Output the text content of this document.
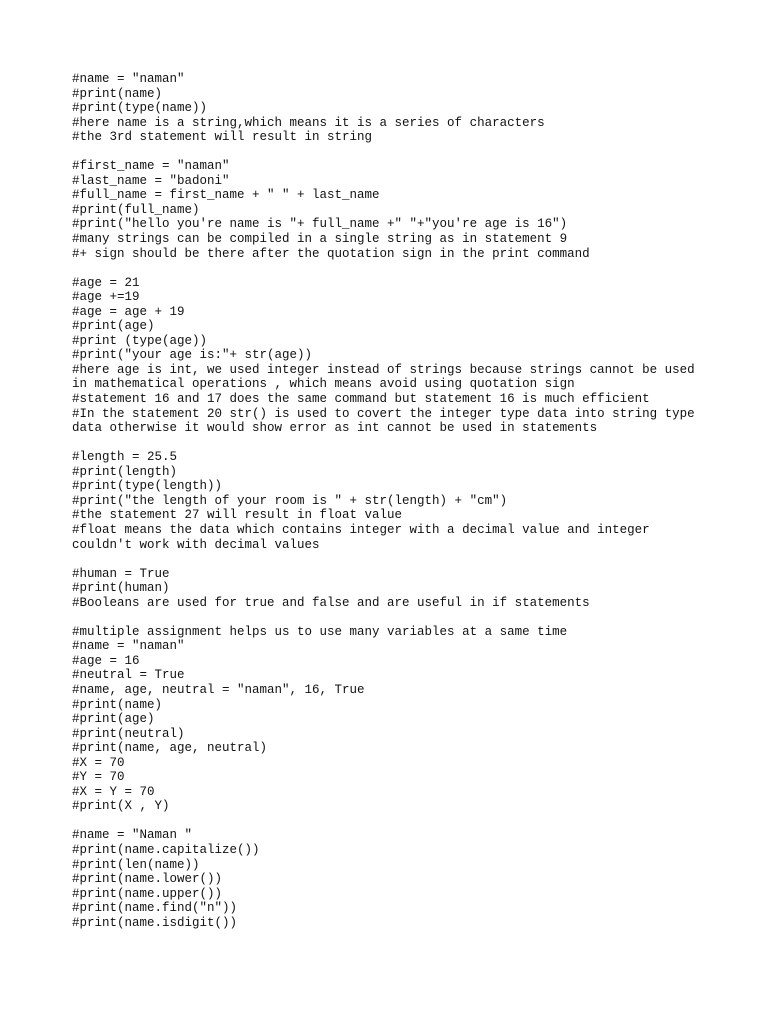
#name = "naman"
#print(name)
#print(type(name))
#here name is a string,which means it is a series of characters
#the 3rd statement will result in string
#first_name = "naman"
#last_name = "badoni"
#full_name = first_name + " " + last_name
#print(full_name)
#print("hello you're name is "+ full_name +" "+"you're age is 16")
#many strings can be compiled in a single string as in statement 9
#+ sign should be there after the quotation sign in the print command
#age = 21
#age +=19
#age = age + 19
#print(age)
#print (type(age))
#print("your age is:"+ str(age))
#here age is int, we used integer instead of strings because strings cannot be used
in mathematical operations , which means avoid using quotation sign
#statement 16 and 17 does the same command but statement 16 is much efficient
#In the statement 20 str() is used to covert the integer type data into string type
data otherwise it would show error as int cannot be used in statements
#length = 25.5
#print(length)
#print(type(length))
#print("the length of your room is " + str(length) + "cm")
#the statement 27 will result in float value
#float means the data which contains integer with a decimal value and integer
couldn't work with decimal values
#human = True
#print(human)
#Booleans are used for true and false and are useful in if statements
#multiple assignment helps us to use many variables at a same time
#name = "naman"
#age = 16
#neutral = True
#name, age, neutral = "naman", 16, True
#print(name)
#print(age)
#print(neutral)
#print(name, age, neutral)
#X = 70
#Y = 70
#X = Y = 70
#print(X , Y)
#name = "Naman "
#print(name.capitalize())
#print(len(name))
#print(name.lower())
#print(name.upper())
#print(name.find("n"))
#print(name.isdigit())
